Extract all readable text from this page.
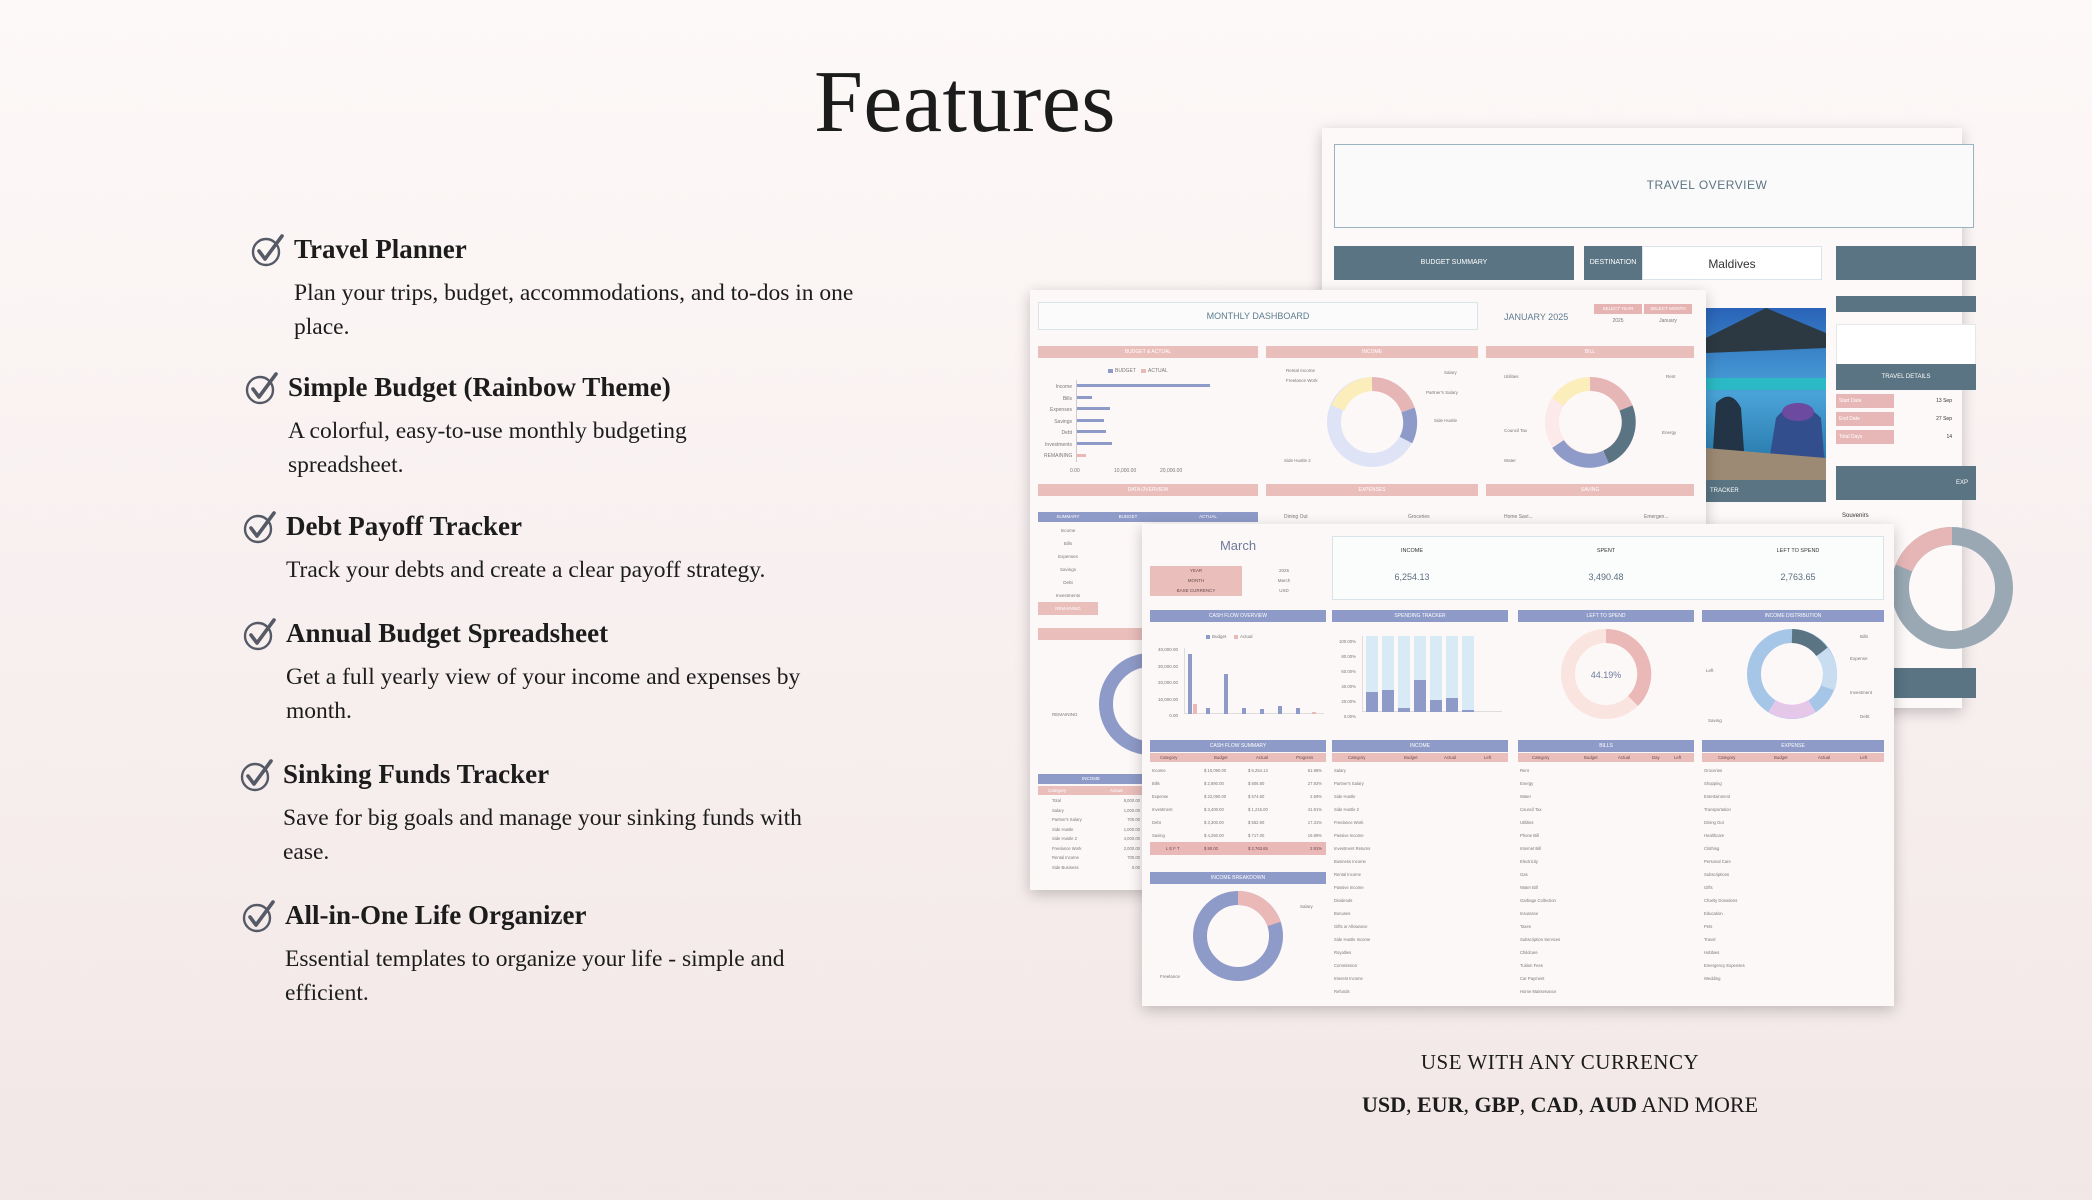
Features
Travel Planner

Plan your trips, budget, accommodations, and to-dos in one place.

Simple Budget (Rainbow Theme)

A colorful, easy-to-use monthly budgeting spreadsheet.

Debt Payoff Tracker

Track your debts and create a clear payoff strategy.

Annual Budget Spreadsheet

Get a full yearly view of your income and expenses by month.

Sinking Funds Tracker

Save for big goals and manage your sinking funds with ease.

All-in-One Life Organizer

Essential templates to organize your life - simple and efficient.

TRAVEL OVERVIEW
BUDGET SUMMARY	DESTINATION	Maldives
TRACKER
TRAVEL DETAILS
Start Date	13 Sep
End Date	27 Sep
Total Days	14
EXP
Souvenirs
MONTHLY DASHBOARD	JANUARY 2025
SELECT YEAR	SELECT MONTH
2025	January
BUDGET & ACTUAL	INCOME	BILL
BUDGET ACTUAL
Income
Bills
Expenses
Savings
Debt
Investments
REMAINING
0.00	10,000.00	20,000.00
Rental Income
Freelance Work
Salary
Partner's Salary
Side Hustle
Side Hustle 2
Utilities	Rent
Council Tax	Energy
Water
DATA OVERVIEW	EXPENSES	SAVING
SUMMARY	BUDGET	ACTUAL
Income
Bills
Expenses
Savings
Debt
Investments
REMAINING
Dining Out	Groceries	Home Savi...	Emergen...
REMAINING
INCOME
Category	Actual
Total	8,000.00
Salary	1,000.00
Partner's Salary	700.00
Side Hustle	1,000.00
Side Hustle 2	4,000.00
Freelance Work	2,000.00
Rental Income	700.00
Side Business	0.00
March
YEAR	2025
MONTH	March
BASE CURRENCY	USD
INCOME
6,254.13
SPENT
3,490.48
LEFT TO SPEND
2,763.65
CASH FLOW OVERVIEW	SPENDING TRACKER	LEFT TO SPEND	INCOME DISTRIBUTION
Budget	Actual
40,000.00
30,000.00
20,000.00
10,000.00
0.00
100.00%
80.00%
60.00%
40.00%
20.00%
0.00%
44.19%
Bills
Expense
Investment
Debt
Left
Saving
CASH FLOW SUMMARY
Category	Budget	Actual	Progress
Income	$ 10,090.00	$ 6,254.13	61.98%
Bills	$ 2,890.00	$ 806.80	27.92%
Expense	$ 22,090.00	$ 574.60	2.59%
Investment	$ 3,400.00	$ 1,215.00	41.91%
Debt	$ 3,300.00	$ 552.90	17.31%
Saving	$ 4,250.00	$ 717.00	16.89%
L E F T	$ 80.00	$ 2,763.65	2.91%
INCOME BREAKDOWN
Salary
Freelance
INCOME
Category	Budget	Actual	Left
Salary
Partner's Salary
Side Hustle
Side Hustle 2
Freelance Work
Passive Income
Investment Returns
Business Income
Rental Income
Passive Income
Dividends
Bonuses
Gifts or Allowance
Side Hustle Income
Royalties
Commission
Interest Income
Refunds
BILLS
Category	Budget	Actual	Day	Left
Rent
Energy
Water
Council Tax
Utilities
Phone Bill
Internet Bill
Electricity
Gas
Water Bill
Garbage Collection
Insurance
Taxes
Subscription Services
Childcare
Tuition Fees
Car Payment
Home Maintenance
EXPENSE
Category	Budget	Actual	Left
Groceries
Shopping
Entertainment
Transportation
Dining Out
Healthcare
Clothing
Personal Care
Subscriptions
Gifts
Charity Donations
Education
Pets
Travel
Hobbies
Emergency Expenses
Wedding
USE WITH ANY CURRENCY
USD, EUR, GBP, CAD, AUD AND MORE
